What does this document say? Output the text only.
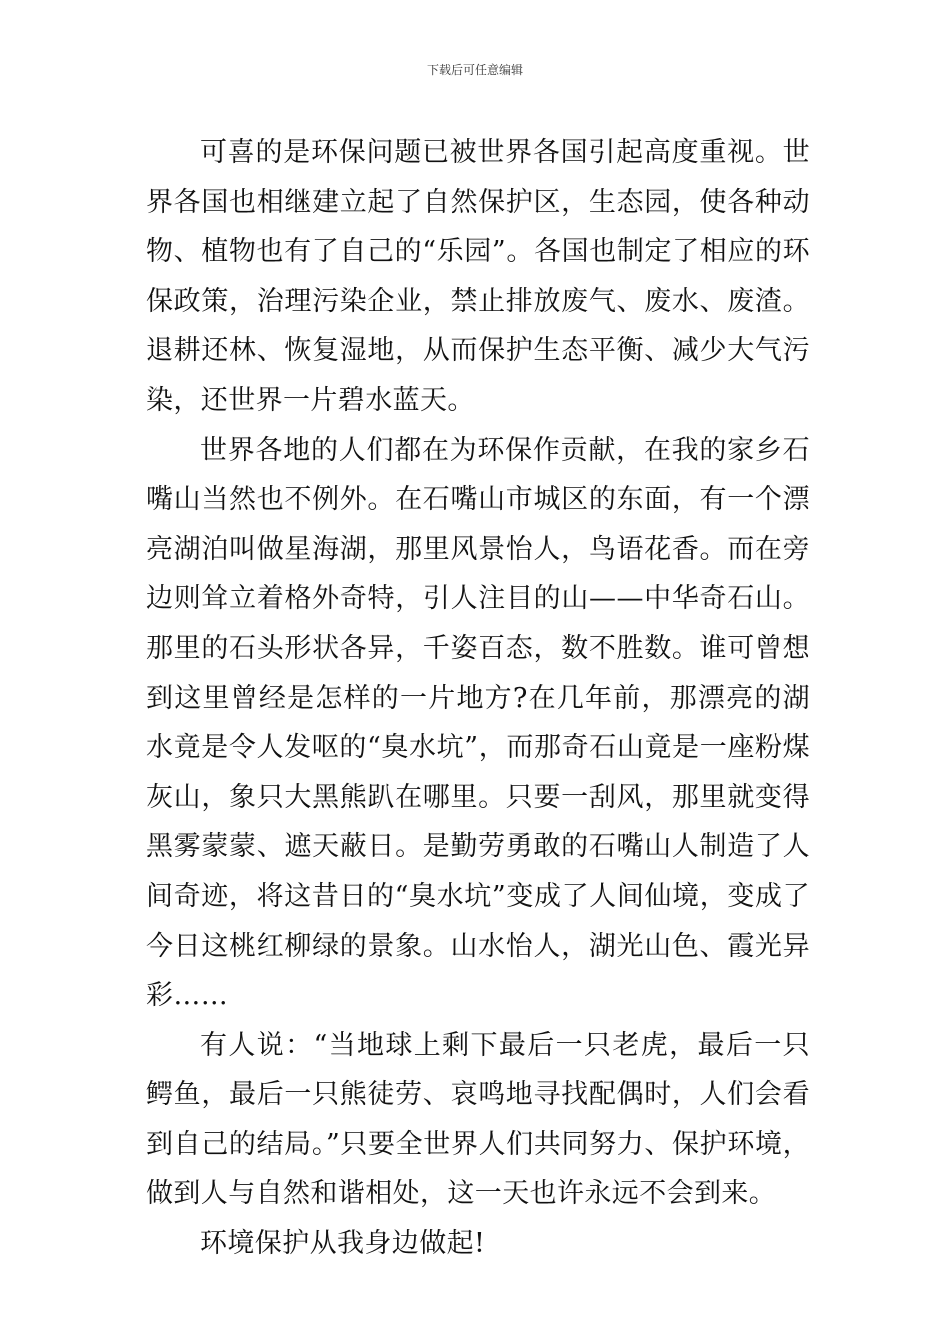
下载后可任意编辑

可喜的是环保问题已被世界各国引起高度重视。世界各国也相继建立起了自然保护区，生态园，使各种动物、植物也有了自己的“乐园”。各国也制定了相应的环保政策，治理污染企业，禁止排放废气、废水、废渣。退耕还林、恢复湿地，从而保护生态平衡、减少大气污染，还世界一片碧水蓝天。

世界各地的人们都在为环保作贡献，在我的家乡石嘴山当然也不例外。在石嘴山市城区的东面，有一个漂亮湖泊叫做星海湖，那里风景怡人，鸟语花香。而在旁边则耸立着格外奇特，引人注目的山——中华奇石山。那里的石头形状各异，千姿百态，数不胜数。谁可曾想到这里曾经是怎样的一片地方?在几年前，那漂亮的湖水竟是令人发呕的“臭水坑”，而那奇石山竟是一座粉煤灰山，象只大黑熊趴在哪里。只要一刮风，那里就变得黑雾蒙蒙、遮天蔽日。是勤劳勇敢的石嘴山人制造了人间奇迹，将这昔日的“臭水坑”变成了人间仙境，变成了今日这桃红柳绿的景象。山水怡人，湖光山色、霞光异彩……

有人说：“当地球上剩下最后一只老虎，最后一只鳄鱼，最后一只熊徒劳、哀鸣地寻找配偶时，人们会看到自己的结局。”只要全世界人们共同努力、保护环境，做到人与自然和谐相处，这一天也许永远不会到来。

环境保护从我身边做起!
